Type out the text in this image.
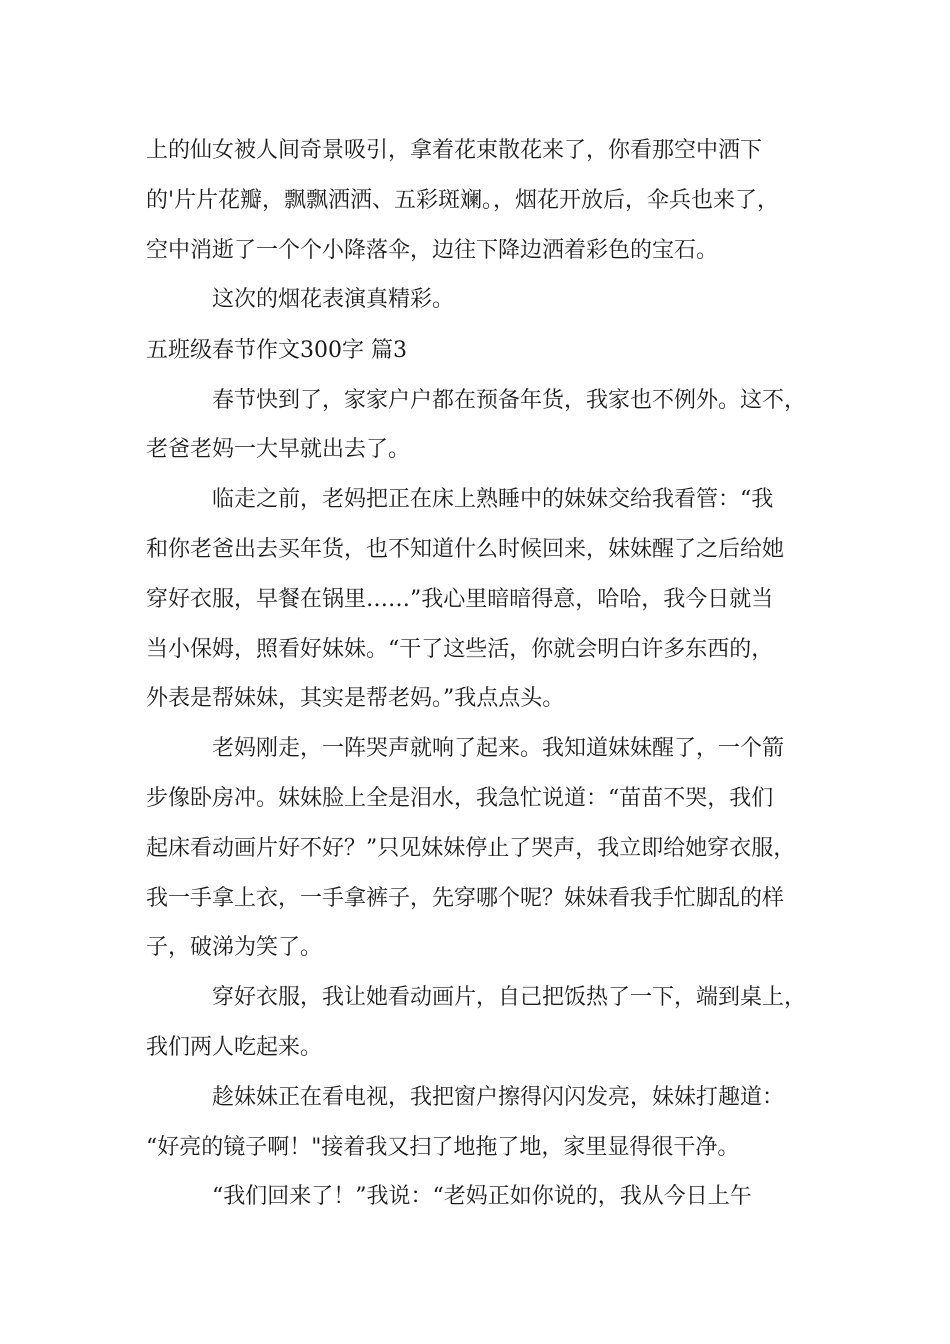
上的仙女被人间奇景吸引，拿着花束散花来了，你看那空中洒下
的'片片花瓣，飘飘洒洒、五彩斑斓。，烟花开放后，伞兵也来了，
空中消逝了一个个小降落伞，边往下降边洒着彩色的宝石。
这次的烟花表演真精彩。
五班级春节作文300字 篇3
春节快到了，家家户户都在预备年货，我家也不例外。这不，
老爸老妈一大早就出去了。
临走之前，老妈把正在床上熟睡中的妹妹交给我看管：“我
和你老爸出去买年货，也不知道什么时候回来，妹妹醒了之后给她
穿好衣服，早餐在锅里……”我心里暗暗得意，哈哈，我今日就当
当小保姆，照看好妹妹。“干了这些活，你就会明白许多东西的，
外表是帮妹妹，其实是帮老妈。”我点点头。
老妈刚走，一阵哭声就响了起来。我知道妹妹醒了，一个箭
步像卧房冲。妹妹脸上全是泪水，我急忙说道：“苗苗不哭，我们
起床看动画片好不好？”只见妹妹停止了哭声，我立即给她穿衣服，
我一手拿上衣，一手拿裤子，先穿哪个呢？妹妹看我手忙脚乱的样
子，破涕为笑了。
穿好衣服，我让她看动画片，自己把饭热了一下，端到桌上，
我们两人吃起来。
趁妹妹正在看电视，我把窗户擦得闪闪发亮，妹妹打趣道：
“好亮的镜子啊！"接着我又扫了地拖了地，家里显得很干净。
“我们回来了！”我说：“老妈正如你说的，我从今日上午
